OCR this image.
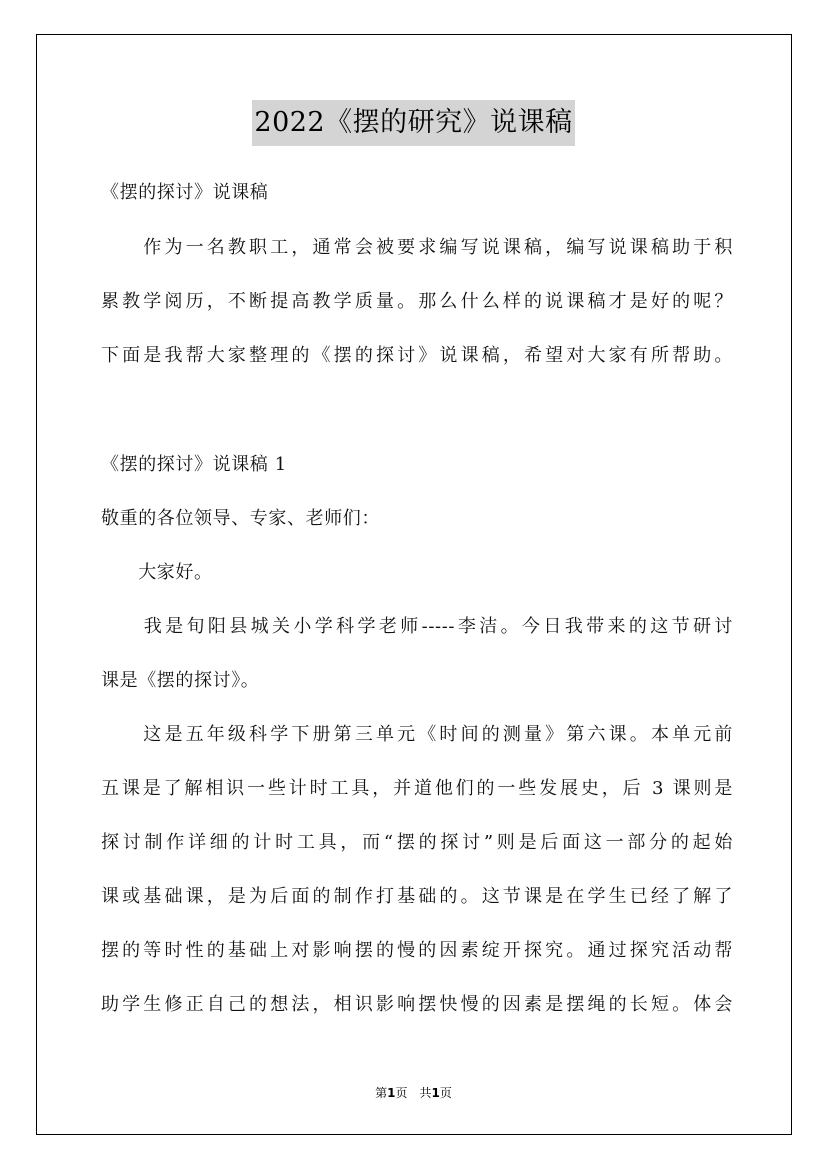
2022《摆的研究》说课稿
《摆的探讨》说课稿
　　作为一名教职工，通常会被要求编写说课稿，编写说课稿助于积
累教学阅历，不断提高教学质量。那么什么样的说课稿才是好的呢？
下面是我帮大家整理的《摆的探讨》说课稿，希望对大家有所帮助。
《摆的探讨》说课稿 1
敬重的各位领导、专家、老师们：
　　大家好。
　　我是旬阳县城关小学科学老师-----李洁。今日我带来的这节研讨
课是《摆的探讨》。
　　这是五年级科学下册第三单元《时间的测量》第六课。本单元前
五课是了解相识一些计时工具，并道他们的一些发展史，后 3 课则是
探讨制作详细的计时工具，而“摆的探讨”则是后面这一部分的起始
课或基础课，是为后面的制作打基础的。这节课是在学生已经了解了
摆的等时性的基础上对影响摆的慢的因素绽开探究。通过探究活动帮
助学生修正自己的想法，相识影响摆快慢的因素是摆绳的长短。体会
第1页　共1页
